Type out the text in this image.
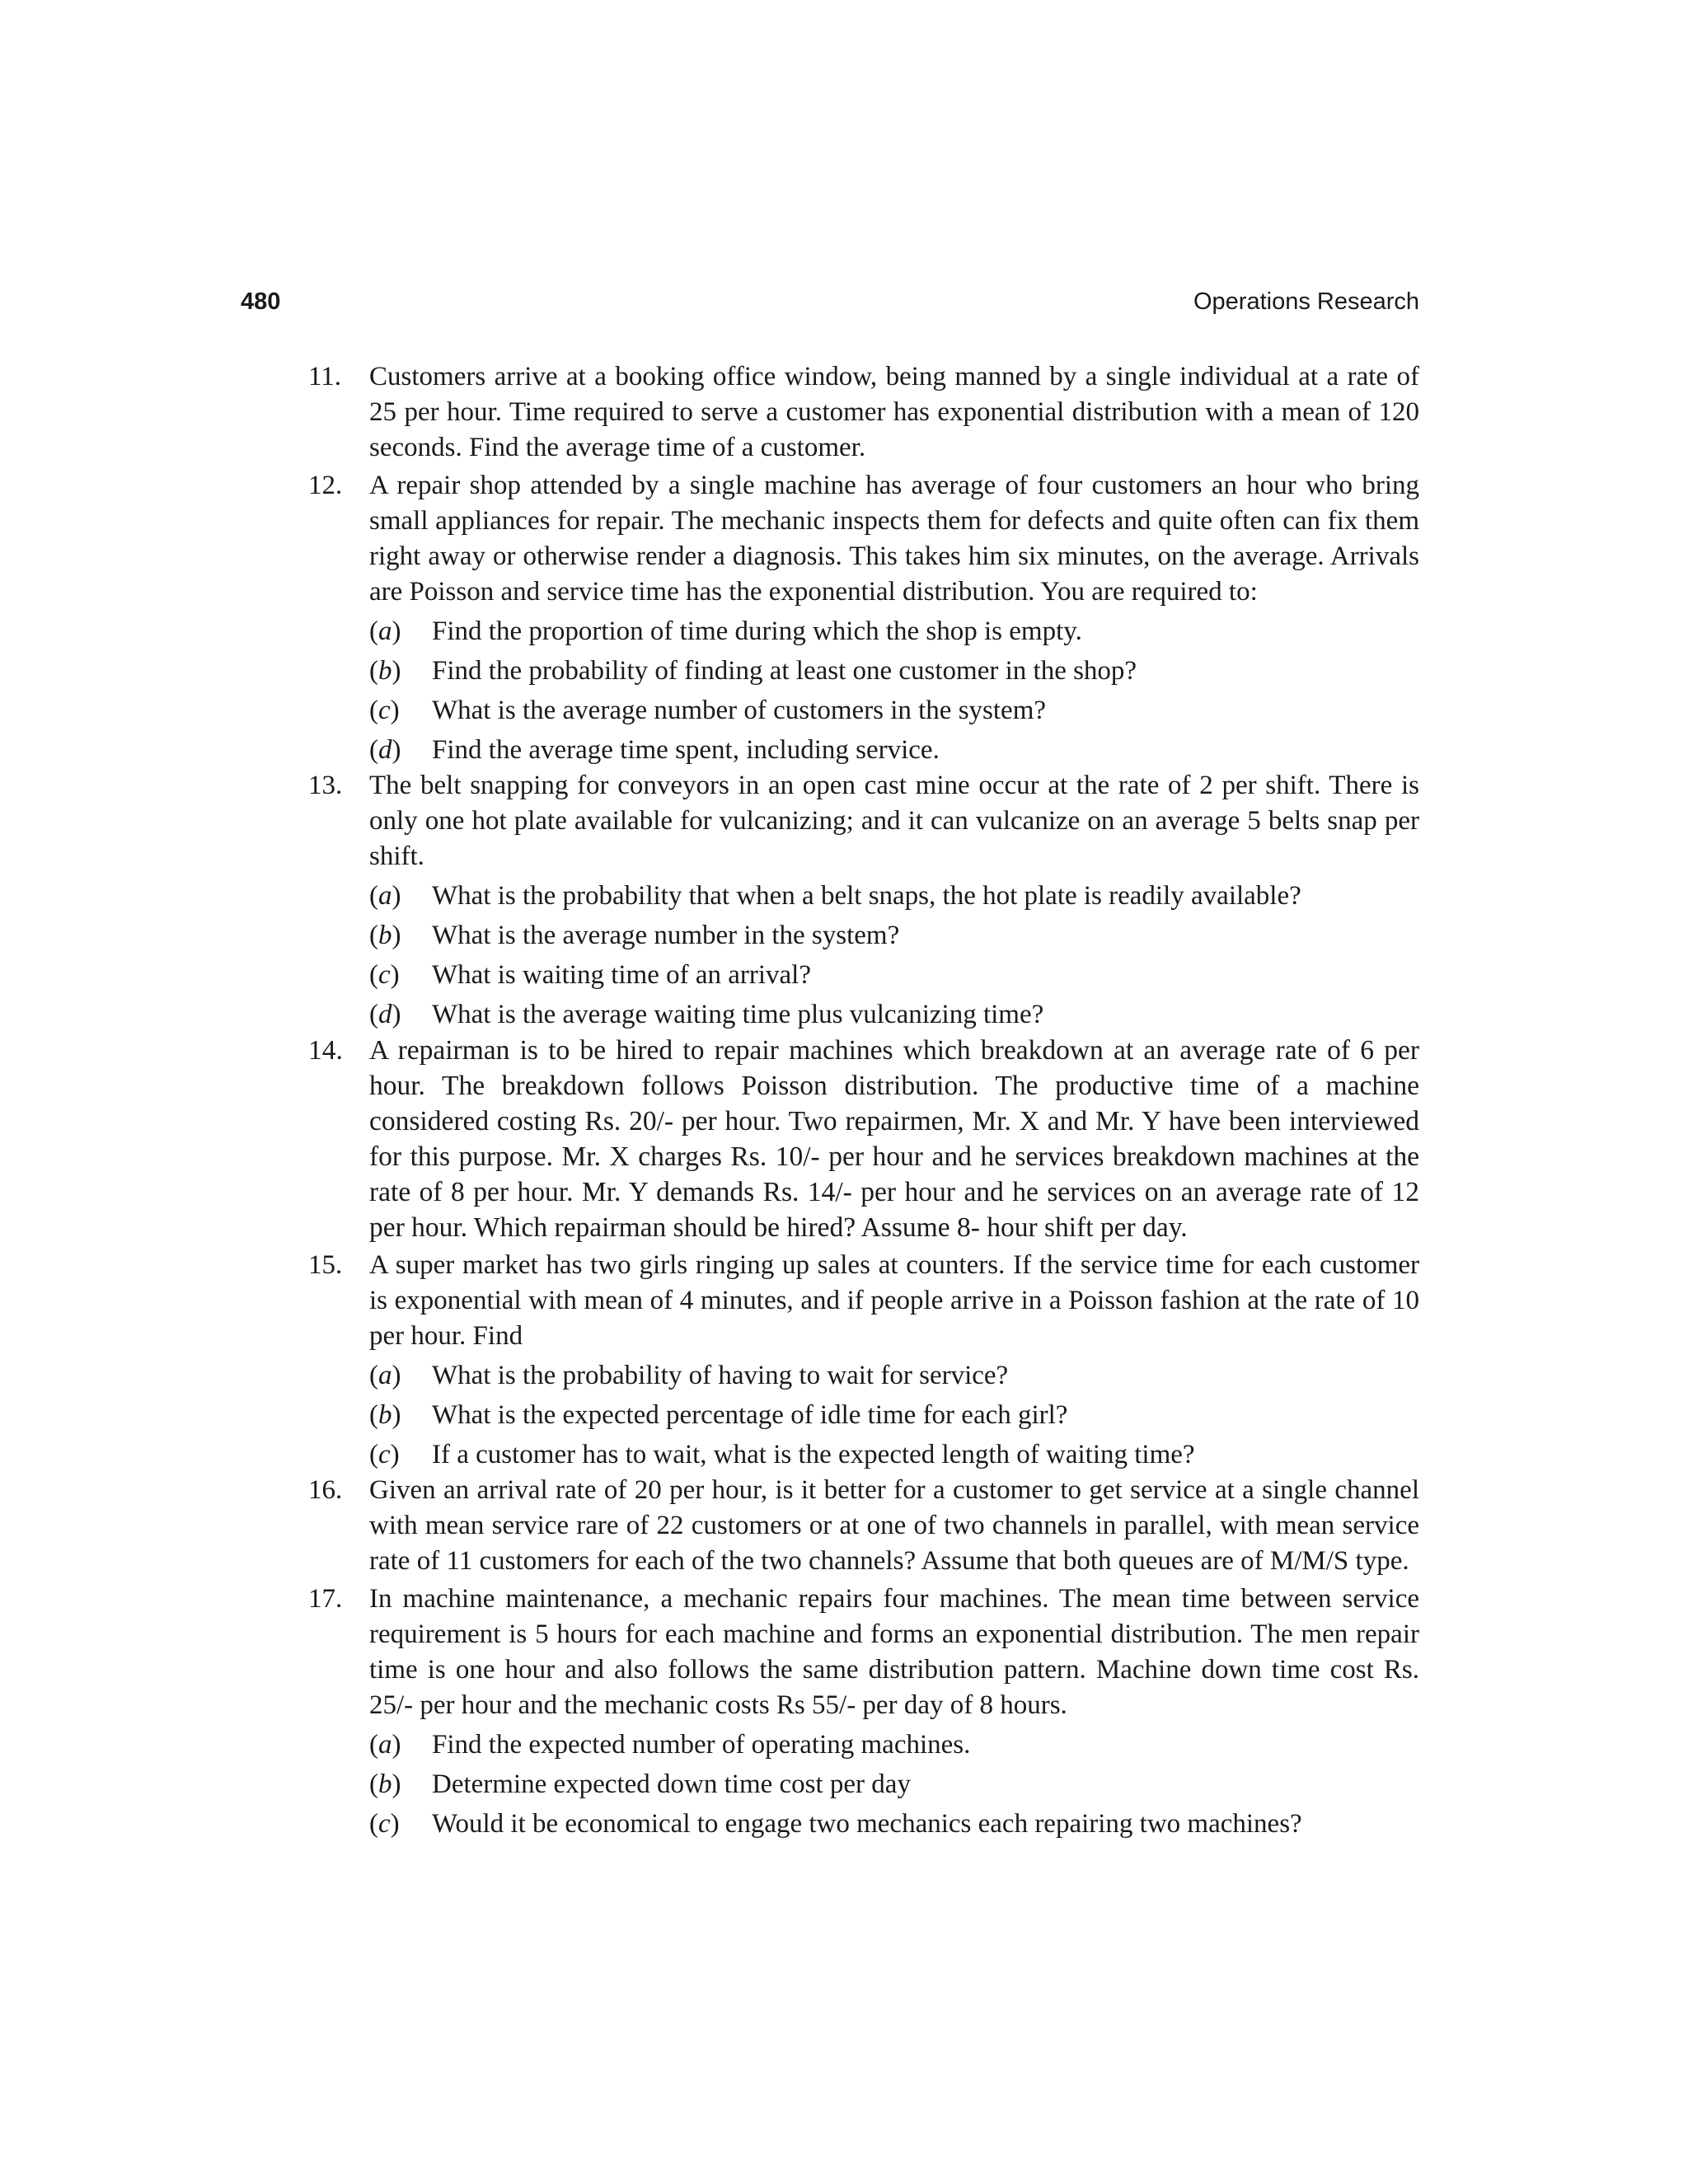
480	Operations Research
11. Customers arrive at a booking office window, being manned by a single individual at a rate of 25 per hour. Time required to serve a customer has exponential distribution with a mean of 120 seconds. Find the average time of a customer.
12. A repair shop attended by a single machine has average of four customers an hour who bring small appliances for repair. The mechanic inspects them for defects and quite often can fix them right away or otherwise render a diagnosis. This takes him six minutes, on the average. Arrivals are Poisson and service time has the exponential distribution. You are required to:
(a) Find the proportion of time during which the shop is empty.
(b) Find the probability of finding at least one customer in the shop?
(c) What is the average number of customers in the system?
(d) Find the average time spent, including service.
13. The belt snapping for conveyors in an open cast mine occur at the rate of 2 per shift. There is only one hot plate available for vulcanizing; and it can vulcanize on an average 5 belts snap per shift.
(a) What is the probability that when a belt snaps, the hot plate is readily available?
(b) What is the average number in the system?
(c) What is waiting time of an arrival?
(d) What is the average waiting time plus vulcanizing time?
14. A repairman is to be hired to repair machines which breakdown at an average rate of 6 per hour. The breakdown follows Poisson distribution. The productive time of a machine considered costing Rs. 20/- per hour. Two repairmen, Mr. X and Mr. Y have been interviewed for this purpose. Mr. X charges Rs. 10/- per hour and he services breakdown machines at the rate of 8 per hour. Mr. Y demands Rs. 14/- per hour and he services on an average rate of 12 per hour. Which repairman should be hired? Assume 8- hour shift per day.
15. A super market has two girls ringing up sales at counters. If the service time for each customer is exponential with mean of 4 minutes, and if people arrive in a Poisson fashion at the rate of 10 per hour. Find
(a) What is the probability of having to wait for service?
(b) What is the expected percentage of idle time for each girl?
(c) If a customer has to wait, what is the expected length of waiting time?
16. Given an arrival rate of 20 per hour, is it better for a customer to get service at a single channel with mean service rare of 22 customers or at one of two channels in parallel, with mean service rate of 11 customers for each of the two channels? Assume that both queues are of M/M/S type.
17. In machine maintenance, a mechanic repairs four machines. The mean time between service requirement is 5 hours for each machine and forms an exponential distribution. The men repair time is one hour and also follows the same distribution pattern. Machine down time cost Rs. 25/- per hour and the mechanic costs Rs 55/- per day of 8 hours.
(a) Find the expected number of operating machines.
(b) Determine expected down time cost per day
(c) Would it be economical to engage two mechanics each repairing two machines?
